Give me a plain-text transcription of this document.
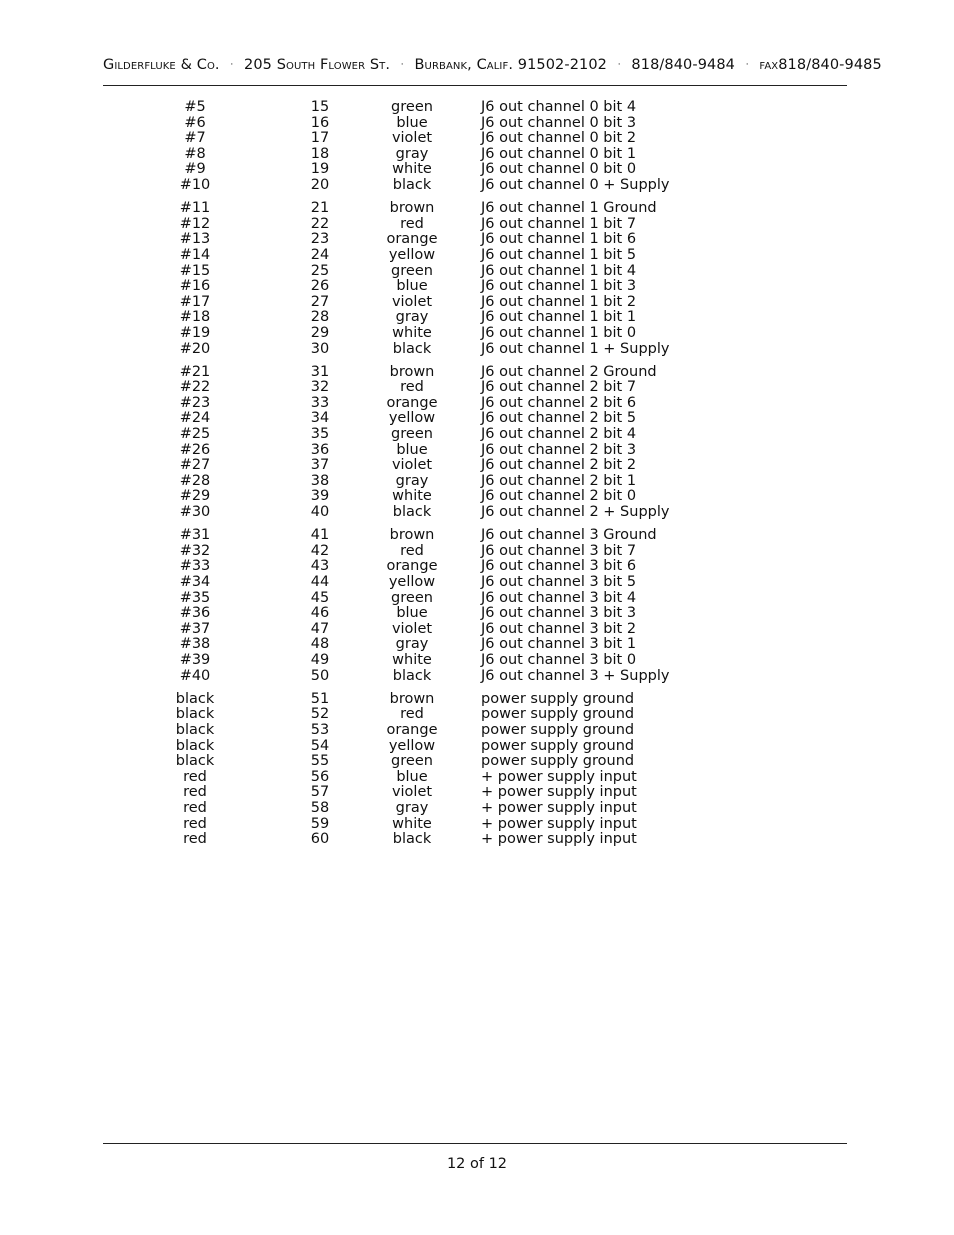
Gilderfluke & Co. · 205 South Flower St. · Burbank, Calif. 91502-2102 · 818/840-9484 · fax818/840-9485
#5	15	green	J6 out channel 0 bit 4
#6	16	blue	J6 out channel 0 bit 3
#7	17	violet	J6 out channel 0 bit 2
#8	18	gray	J6 out channel 0 bit 1
#9	19	white	J6 out channel 0 bit 0
#10	20	black	J6 out channel 0 + Supply
#11	21	brown	J6 out channel 1 Ground
#12	22	red	J6 out channel 1 bit 7
#13	23	orange	J6 out channel 1 bit 6
#14	24	yellow	J6 out channel 1 bit 5
#15	25	green	J6 out channel 1 bit 4
#16	26	blue	J6 out channel 1 bit 3
#17	27	violet	J6 out channel 1 bit 2
#18	28	gray	J6 out channel 1 bit 1
#19	29	white	J6 out channel 1 bit 0
#20	30	black	J6 out channel 1 + Supply
#21	31	brown	J6 out channel 2 Ground
#22	32	red	J6 out channel 2 bit 7
#23	33	orange	J6 out channel 2 bit 6
#24	34	yellow	J6 out channel 2 bit 5
#25	35	green	J6 out channel 2 bit 4
#26	36	blue	J6 out channel 2 bit 3
#27	37	violet	J6 out channel 2 bit 2
#28	38	gray	J6 out channel 2 bit 1
#29	39	white	J6 out channel 2 bit 0
#30	40	black	J6 out channel 2 + Supply
#31	41	brown	J6 out channel 3 Ground
#32	42	red	J6 out channel 3 bit 7
#33	43	orange	J6 out channel 3 bit 6
#34	44	yellow	J6 out channel 3 bit 5
#35	45	green	J6 out channel 3 bit 4
#36	46	blue	J6 out channel 3 bit 3
#37	47	violet	J6 out channel 3 bit 2
#38	48	gray	J6 out channel 3 bit 1
#39	49	white	J6 out channel 3 bit 0
#40	50	black	J6 out channel 3 + Supply
black	51	brown	power supply ground
black	52	red	power supply ground
black	53	orange	power supply ground
black	54	yellow	power supply ground
black	55	green	power supply ground
red	56	blue	+ power supply input
red	57	violet	+ power supply input
red	58	gray	+ power supply input
red	59	white	+ power supply input
red	60	black	+ power supply input
12 of 12
